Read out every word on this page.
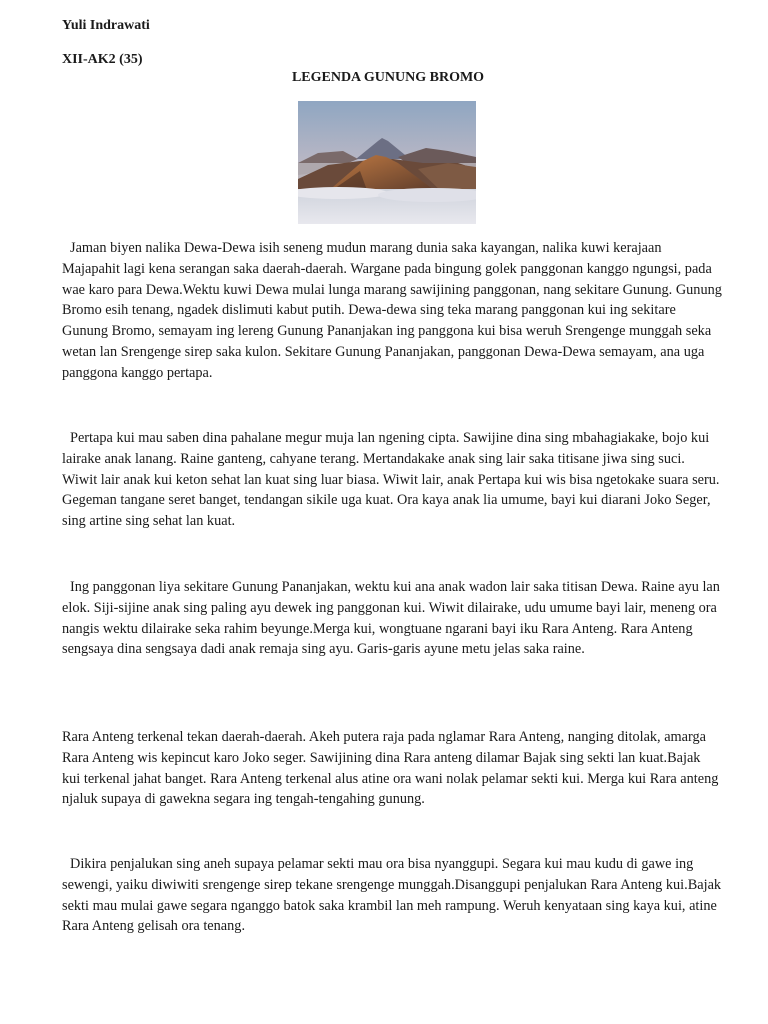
Yuli Indrawati
XII-AK2 (35)
LEGENDA GUNUNG BROMO

Jaman biyen nalika Dewa-Dewa isih seneng mudun marang dunia saka kayangan, nalika kuwi kerajaan Majapahit lagi kena serangan saka daerah-daerah. Wargane pada bingung golek panggonan kanggo ngungsi, pada wae karo para Dewa.Wektu kuwi Dewa mulai lunga marang sawijining panggonan, nang sekitare Gunung. Gunung Bromo esih tenang, ngadek dislimuti kabut putih. Dewa-dewa sing teka marang panggonan kui ing sekitare Gunung Bromo, semayam ing lereng Gunung Pananjakan ing panggona kui bisa weruh Srengenge munggah seka wetan lan Srengenge sirep saka kulon. Sekitare Gunung Pananjakan, panggonan Dewa-Dewa semayam, ana uga panggona kanggo pertapa.

Pertapa kui mau saben dina pahalane megur muja lan ngening cipta. Sawijine dina sing mbahagiakake, bojo kui lairake anak lanang. Raine ganteng, cahyane terang. Mertandakake anak sing lair saka titisane jiwa sing suci. Wiwit lair anak kui keton sehat lan kuat sing luar biasa. Wiwit lair, anak Pertapa kui wis bisa ngetokake suara seru. Gegeman tangane seret banget, tendangan sikile uga kuat. Ora kaya anak lia umume, bayi kui diarani Joko Seger, sing artine sing sehat lan kuat.

Ing panggonan liya sekitare Gunung Pananjakan, wektu kui ana anak wadon lair saka titisan Dewa. Raine ayu lan elok. Siji-sijine anak sing paling ayu dewek ing panggonan kui. Wiwit dilairake, udu umume bayi lair, meneng ora nangis wektu dilairake seka rahim beyunge.Merga kui, wongtuane ngarani bayi iku Rara Anteng. Rara Anteng sengsaya dina sengsaya dadi anak remaja sing ayu. Garis-garis ayune metu jelas saka raine.

Rara Anteng terkenal tekan daerah-daerah. Akeh putera raja pada nglamar Rara Anteng, nanging ditolak, amarga Rara Anteng wis kepincut karo Joko seger. Sawijining dina Rara anteng dilamar Bajak sing sekti lan kuat.Bajak kui terkenal jahat banget. Rara Anteng terkenal alus atine ora wani nolak pelamar sekti kui. Merga kui Rara anteng njaluk supaya di gawekna segara ing tengah-tengahing gunung.

Dikira penjalukan sing aneh supaya pelamar sekti mau ora bisa nyanggupi. Segara kui mau kudu di gawe ing sewengi, yaiku diwiwiti srengenge sirep tekane srengenge munggah.Disanggupi penjalukan Rara Anteng kui.Bajak sekti mau mulai gawe segara nganggo batok saka krambil lan meh rampung. Weruh kenyataan sing kaya kui, atine Rara Anteng gelisah ora tenang.
